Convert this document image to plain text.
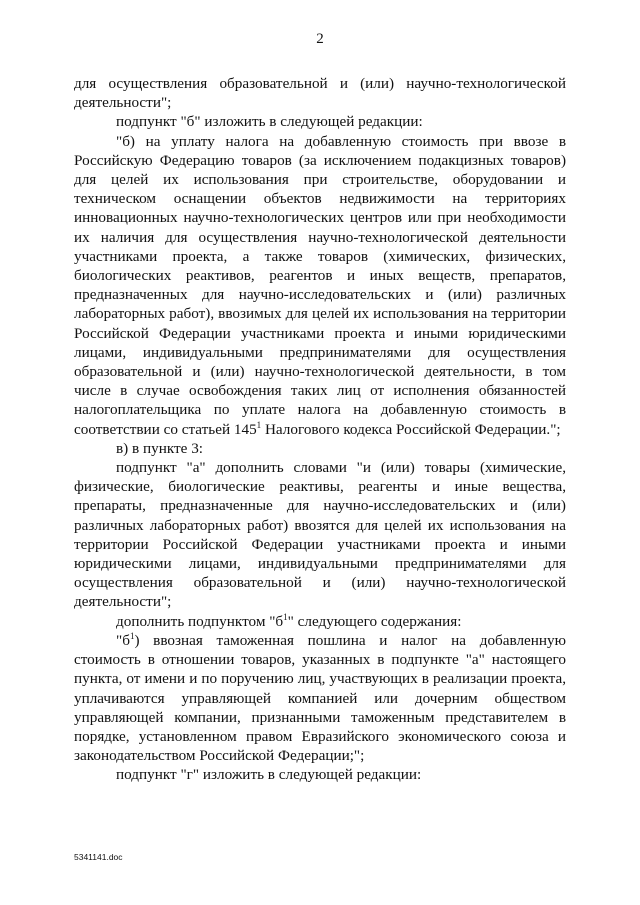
2

для осуществления образовательной и (или) научно-технологической деятельности";

подпункт "б" изложить в следующей редакции:

"б) на уплату налога на добавленную стоимость при ввозе в Российскую Федерацию товаров (за исключением подакцизных товаров) для целей их использования при строительстве, оборудовании и техническом оснащении объектов недвижимости на территориях инновационных научно-технологических центров или при необходимости их наличия для осуществления научно-технологической деятельности участниками проекта, а также товаров (химических, физических, биологических реактивов, реагентов и иных веществ, препаратов, предназначенных для научно-исследовательских и (или) различных лабораторных работ), ввозимых для целей их использования на территории Российской Федерации участниками проекта и иными юридическими лицами, индивидуальными предпринимателями для осуществления образовательной и (или) научно-технологической деятельности, в том числе в случае освобождения таких лиц от исполнения обязанностей налогоплательщика по уплате налога на добавленную стоимость в соответствии со статьей $145^1$ Налогового кодекса Российской Федерации.";

в) в пункте 3:

подпункт "а" дополнить словами "и (или) товары (химические, физические, биологические реактивы, реагенты и иные вещества, препараты, предназначенные для научно-исследовательских и (или) различных лабораторных работ) ввозятся для целей их использования на территории Российской Федерации участниками проекта и иными юридическими лицами, индивидуальными предпринимателями для осуществления образовательной и (или) научно-технологической деятельности";

дополнить подпунктом "$б^1$" следующего содержания:

"$б^1$) ввозная таможенная пошлина и налог на добавленную стоимость в отношении товаров, указанных в подпункте "а" настоящего пункта, от имени и по поручению лиц, участвующих в реализации проекта, уплачиваются управляющей компанией или дочерним обществом управляющей компании, признанными таможенным представителем в порядке, установленном правом Евразийского экономического союза и законодательством Российской Федерации;";

подпункт "г" изложить в следующей редакции:

5341141.doc
